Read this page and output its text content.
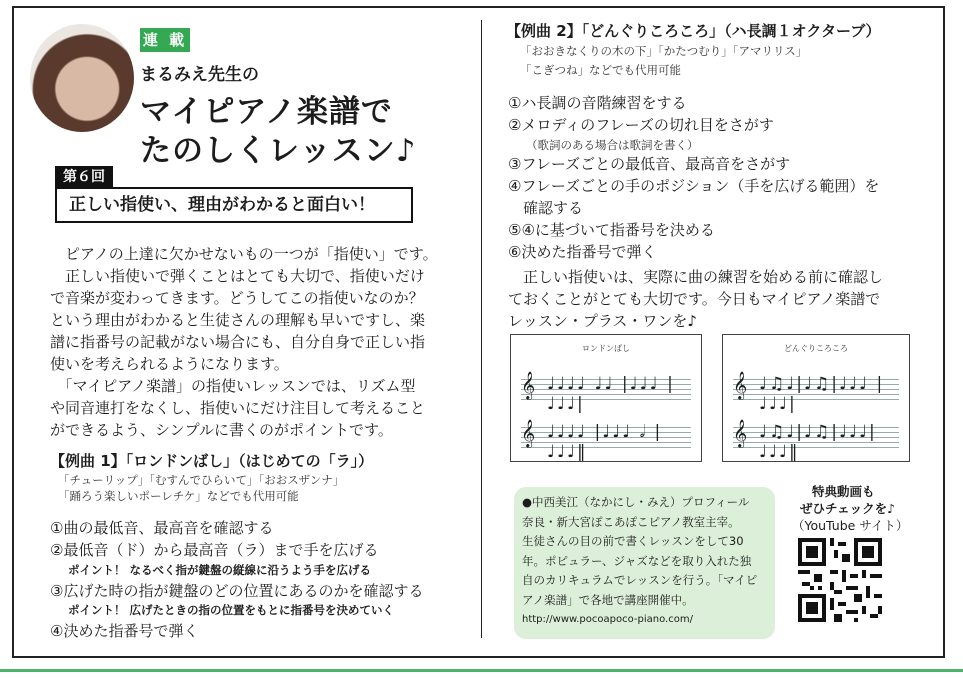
連 載
まるみえ先生の
マイピアノ楽譜で
たのしくレッスン♪
第６回
正しい指使い、理由がわかると面白い！
　ピアノの上達に欠かせないもの一つが「指使い」です。
　正しい指使いで弾くことはとても大切で、指使いだけ
で音楽が変わってきます。どうしてこの指使いなのか？
という理由がわかると生徒さんの理解も早いですし、楽
譜に指番号の記載がない場合にも、自分自身で正しい指
使いを考えられるようになります。
　「マイピアノ楽譜」の指使いレッスンでは、リズム型
や同音連打をなくし、指使いにだけ注目して考えること
ができるよう、シンプルに書くのがポイントです。
【例曲 1】「ロンドンばし」（はじめての「ラ」）
「チューリップ」「むすんでひらいて」「おおスザンナ」
「踊ろう楽しいポーレチケ」などでも代用可能
①曲の最低音、最高音を確認する
②最低音（ド）から最高音（ラ）まで手を広げる
ポイント！ なるべく指が鍵盤の縦線に沿うよう手を広げる
③広げた時の指が鍵盤のどの位置にあるのかを確認する
ポイント！ 広げたときの指の位置をもとに指番号を決めていく
④決めた指番号で弾く
【例曲 2】「どんぐりころころ」（ハ長調１オクターブ）
「おおきなくりの木の下」「かたつむり」「アマリリス」
「こぎつね」などでも代用可能
①ハ長調の音階練習をする
②メロディのフレーズの切れ目をさがす
（歌詞のある場合は歌詞を書く）
③フレーズごとの最低音、最高音をさがす
④フレーズごとの手のポジション（手を広げる範囲）を
　確認する
⑤④に基づいて指番号を決める
⑥決めた指番号で弾く
　正しい指使いは、実際に曲の練習を始める前に確認し
ておくことがとても大切です。今日もマイピアノ楽譜で
レッスン・プラス・ワンを♪
ロンドンばし
𝄞 ♩♩♩♩ ♩♩ |♩♩♩ |♩♩♩|
𝄞 ♩♩♩♩ |♩♩♩ 𝅗𝅥 |♩♩♩‖
どんぐりころころ
𝄞 ♩♫♩|♩♫|♩♩♩ |♩♩♩|
𝄞 ♩♫♩|♩♫|♩♩♩|♩♩♩‖
●中西美江（なかにし・みえ）プロフィール
奈良・新大宮ぽこあぽこピアノ教室主宰。
生徒さんの目の前で書くレッスンをして30
年。ポピュラー、ジャズなどを取り入れた独
自のカリキュラムでレッスンを行う。「マイピ
アノ楽譜」で各地で講座開催中。
http://www.pocoapoco-piano.com/
特典動画も
ぜひチェックを♪
（YouTube サイト）
